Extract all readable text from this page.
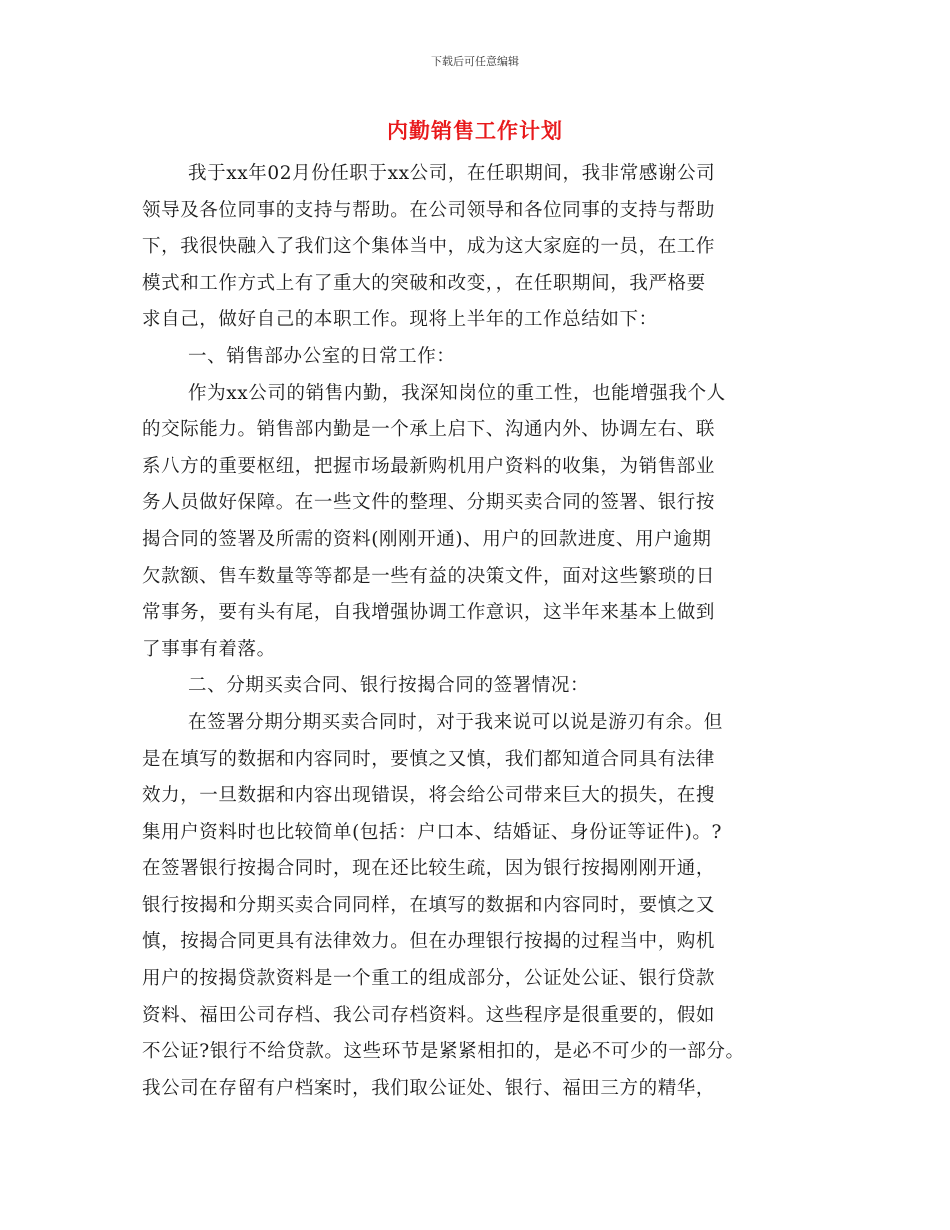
下载后可任意编辑
内勤销售工作计划
我于xx年02月份任职于xx公司，在任职期间，我非常感谢公司
领导及各位同事的支持与帮助。在公司领导和各位同事的支持与帮助
下，我很快融入了我们这个集体当中，成为这大家庭的一员，在工作
模式和工作方式上有了重大的突破和改变，，在任职期间，我严格要
求自己，做好自己的本职工作。现将上半年的工作总结如下：
一、销售部办公室的日常工作：
作为xx公司的销售内勤，我深知岗位的重工性，也能增强我个人
的交际能力。销售部内勤是一个承上启下、沟通内外、协调左右、联
系八方的重要枢纽，把握市场最新购机用户资料的收集，为销售部业
务人员做好保障。在一些文件的整理、分期买卖合同的签署、银行按
揭合同的签署及所需的资料(刚刚开通)、用户的回款进度、用户逾期
欠款额、售车数量等等都是一些有益的决策文件，面对这些繁琐的日
常事务，要有头有尾，自我增强协调工作意识，这半年来基本上做到
了事事有着落。
二、分期买卖合同、银行按揭合同的签署情况：
在签署分期分期买卖合同时，对于我来说可以说是游刃有余。但
是在填写的数据和内容同时，要慎之又慎，我们都知道合同具有法律
效力，一旦数据和内容出现错误，将会给公司带来巨大的损失，在搜
集用户资料时也比较简单(包括：户口本、结婚证、身份证等证件)。?
在签署银行按揭合同时，现在还比较生疏，因为银行按揭刚刚开通，
银行按揭和分期买卖合同同样，在填写的数据和内容同时，要慎之又
慎，按揭合同更具有法律效力。但在办理银行按揭的过程当中，购机
用户的按揭贷款资料是一个重工的组成部分，公证处公证、银行贷款
资料、福田公司存档、我公司存档资料。这些程序是很重要的，假如
不公证?银行不给贷款。这些环节是紧紧相扣的，是必不可少的一部分。
我公司在存留有户档案时，我们取公证处、银行、福田三方的精华，
